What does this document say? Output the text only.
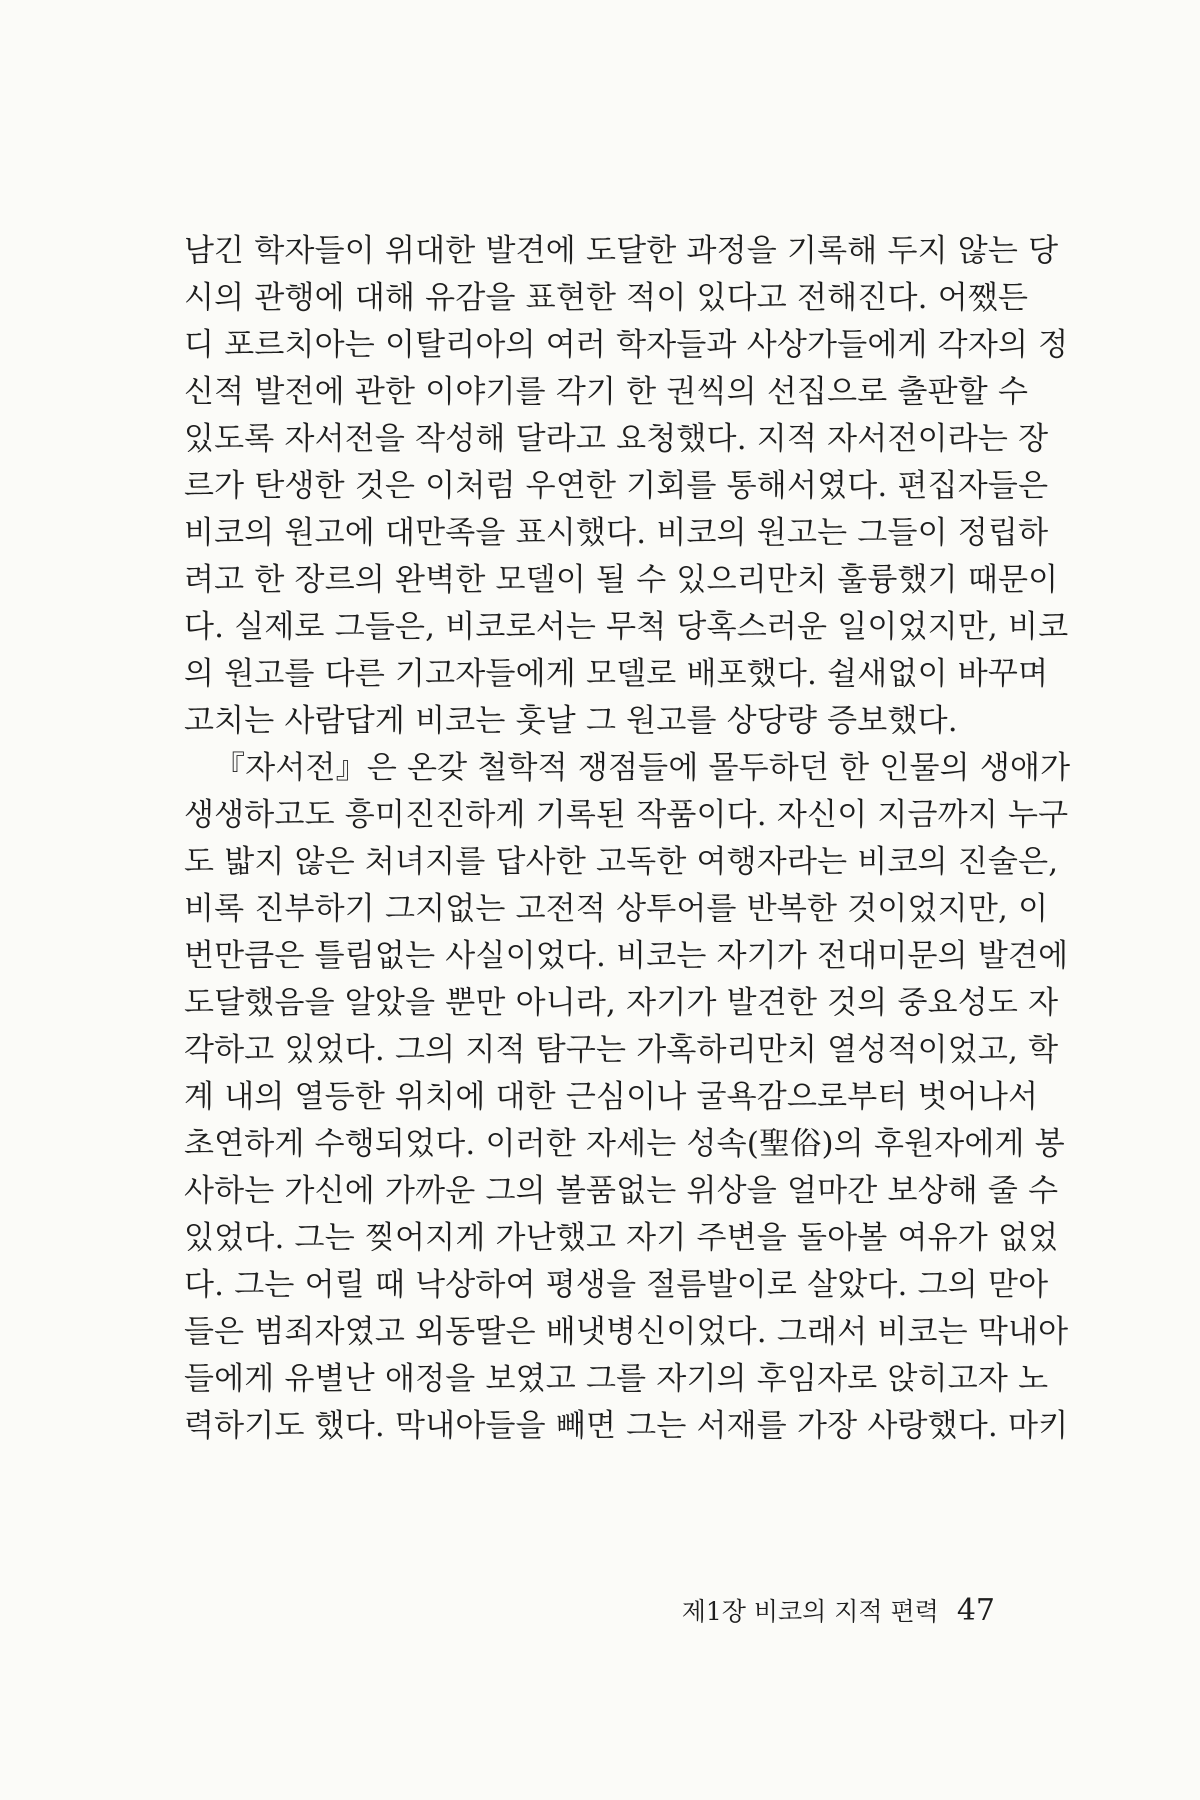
남긴 학자들이 위대한 발견에 도달한 과정을 기록해 두지 않는 당
시의 관행에 대해 유감을 표현한 적이 있다고 전해진다. 어쨌든
디 포르치아는 이탈리아의 여러 학자들과 사상가들에게 각자의 정
신적 발전에 관한 이야기를 각기 한 권씩의 선집으로 출판할 수
있도록 자서전을 작성해 달라고 요청했다. 지적 자서전이라는 장
르가 탄생한 것은 이처럼 우연한 기회를 통해서였다. 편집자들은
비코의 원고에 대만족을 표시했다. 비코의 원고는 그들이 정립하
려고 한 장르의 완벽한 모델이 될 수 있으리만치 훌륭했기 때문이
다. 실제로 그들은, 비코로서는 무척 당혹스러운 일이었지만, 비코
의 원고를 다른 기고자들에게 모델로 배포했다. 쉴새없이 바꾸며
고치는 사람답게 비코는 훗날 그 원고를 상당량 증보했다.
『자서전』은 온갖 철학적 쟁점들에 몰두하던 한 인물의 생애가
생생하고도 흥미진진하게 기록된 작품이다. 자신이 지금까지 누구
도 밟지 않은 처녀지를 답사한 고독한 여행자라는 비코의 진술은,
비록 진부하기 그지없는 고전적 상투어를 반복한 것이었지만, 이
번만큼은 틀림없는 사실이었다. 비코는 자기가 전대미문의 발견에
도달했음을 알았을 뿐만 아니라, 자기가 발견한 것의 중요성도 자
각하고 있었다. 그의 지적 탐구는 가혹하리만치 열성적이었고, 학
계 내의 열등한 위치에 대한 근심이나 굴욕감으로부터 벗어나서
초연하게 수행되었다. 이러한 자세는 성속(聖俗)의 후원자에게 봉
사하는 가신에 가까운 그의 볼품없는 위상을 얼마간 보상해 줄 수
있었다. 그는 찢어지게 가난했고 자기 주변을 돌아볼 여유가 없었
다. 그는 어릴 때 낙상하여 평생을 절름발이로 살았다. 그의 맏아
들은 범죄자였고 외동딸은 배냇병신이었다. 그래서 비코는 막내아
들에게 유별난 애정을 보였고 그를 자기의 후임자로 앉히고자 노
력하기도 했다. 막내아들을 빼면 그는 서재를 가장 사랑했다. 마키
제1장 비코의 지적 편력 47
